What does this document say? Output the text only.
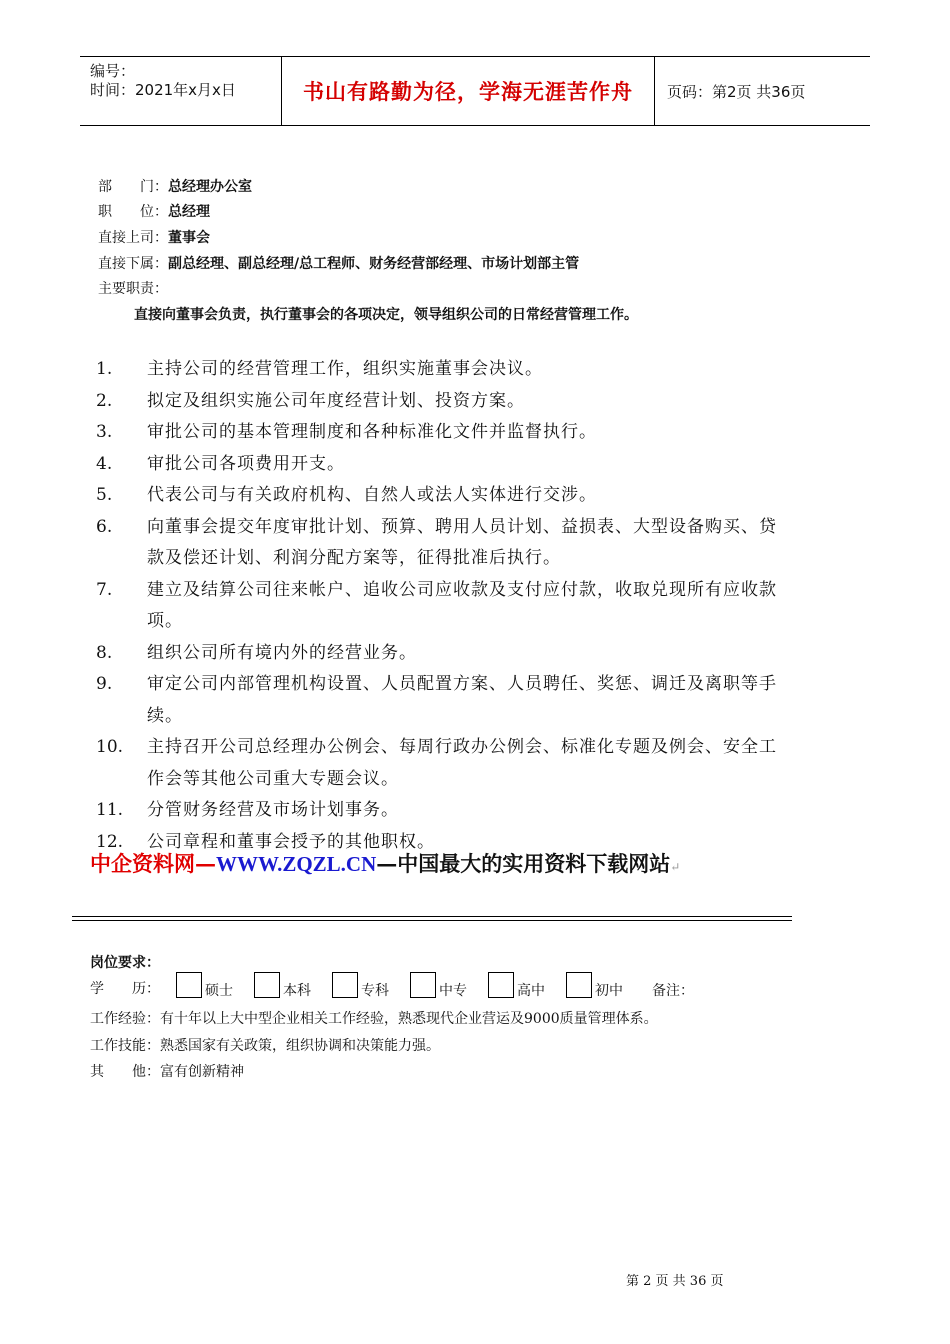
编号：
时间：2021年x月x日	书山有路勤为径，学海无涯苦作舟 页码：第2页 共36页
部　　门：总经理办公室
职　　位：总经理
直接上司：董事会
直接下属：副总经理、副总经理/总工程师、财务经营部经理、市场计划部主管
主要职责：
直接向董事会负责，执行董事会的各项决定，领导组织公司的日常经营管理工作。
1.	主持公司的经营管理工作，组织实施董事会决议。
2.	拟定及组织实施公司年度经营计划、投资方案。
3.	审批公司的基本管理制度和各种标准化文件并监督执行。
4.	审批公司各项费用开支。
5.	代表公司与有关政府机构、自然人或法人实体进行交涉。
6.	向董事会提交年度审批计划、预算、聘用人员计划、益损表、大型设备购买、贷款及偿还计划、利润分配方案等，征得批准后执行。
7.	建立及结算公司往来帐户、追收公司应收款及支付应付款，收取兑现所有应收款项。
8.	组织公司所有境内外的经营业务。
9.	审定公司内部管理机构设置、人员配置方案、人员聘任、奖惩、调迁及离职等手续。
10.	主持召开公司总经理办公例会、每周行政办公例会、标准化专题及例会、安全工作会等其他公司重大专题会议。
11.	分管财务经营及市场计划事务。
12.	公司章程和董事会授予的其他职权。
中企资料网—WWW.ZQZL.CN—中国最大的实用资料下载网站↵
岗位要求：
学　　历：	硕士	本科	专科	中专	高中	初中 备注：
工作经验：有十年以上大中型企业相关工作经验，熟悉现代企业营运及9000质量管理体系。
工作技能：熟悉国家有关政策，组织协调和决策能力强。
其　　他：富有创新精神
第 2 页 共 36 页
